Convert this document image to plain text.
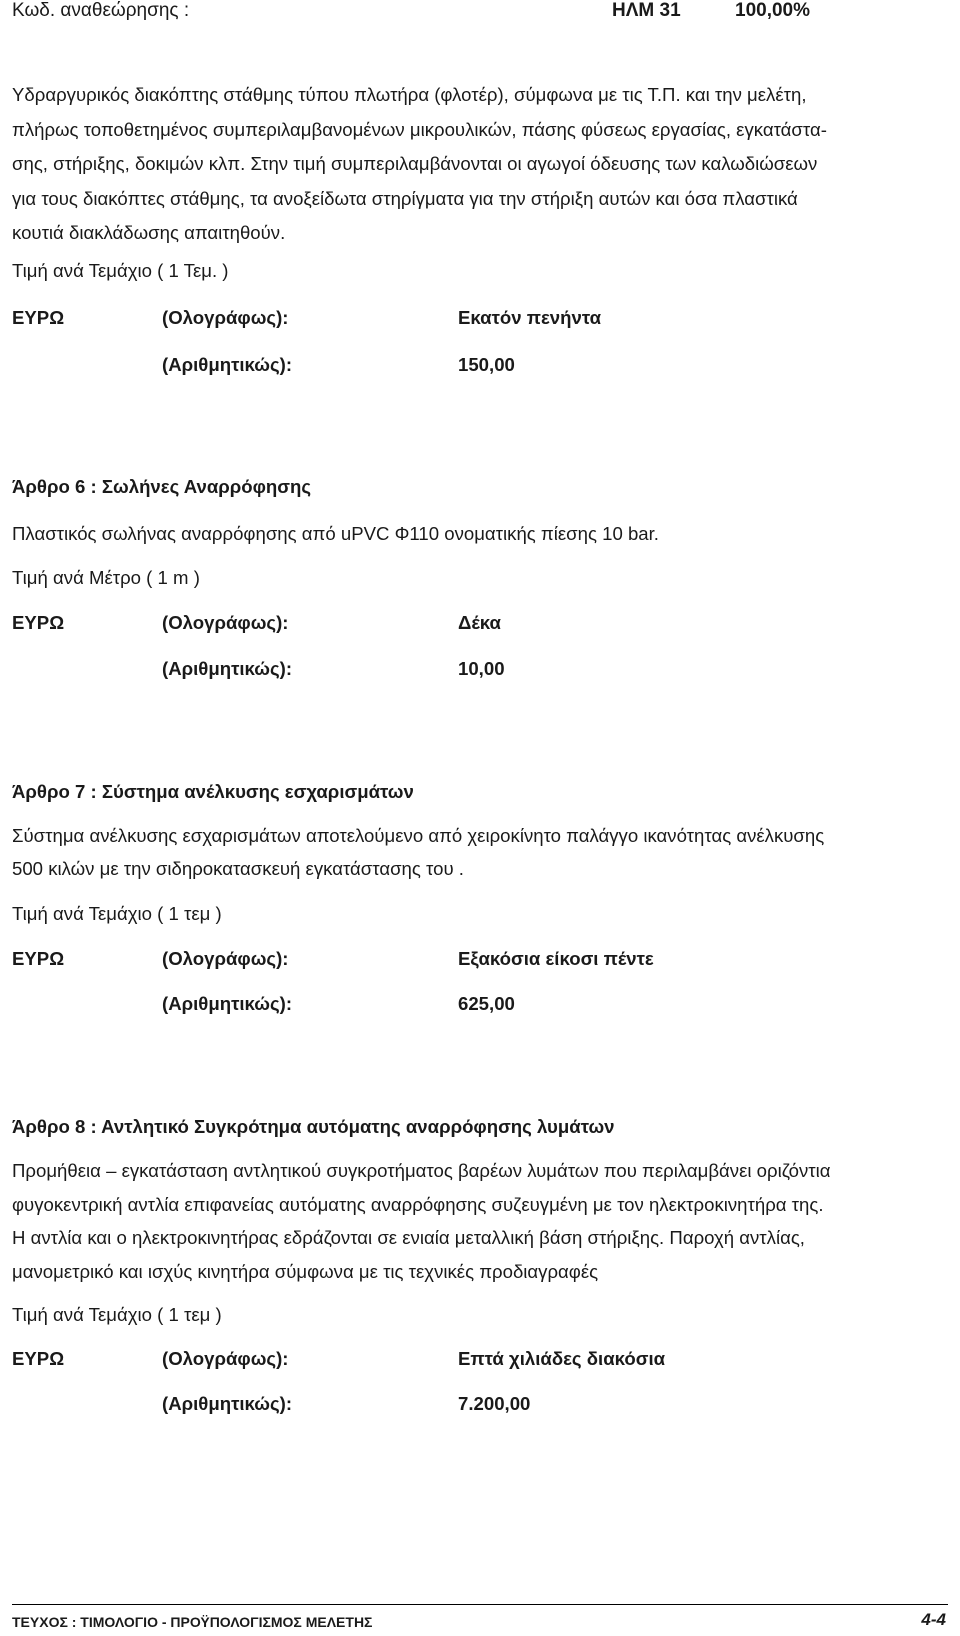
Κωδ. αναθεώρησης :	ΗΛΜ 31	100,00%
Υδραργυρικός διακόπτης στάθμης τύπου πλωτήρα (φλοτέρ), σύμφωνα με τις Τ.Π. και την μελέτη,
πλήρως τοποθετημένος συμπεριλαμβανομένων μικρουλικών, πάσης φύσεως εργασίας, εγκατάστα-
σης, στήριξης, δοκιμών κλπ. Στην τιμή συμπεριλαμβάνονται οι αγωγοί όδευσης των καλωδιώσεων
για τους διακόπτες στάθμης, τα ανοξείδωτα στηρίγματα για την στήριξη αυτών και όσα πλαστικά
κουτιά διακλάδωσης απαιτηθούν.
Τιμή ανά Τεμάχιο ( 1 Τεμ. )
ΕΥΡΩ	(Ολογράφως):	Εκατόν πενήντα
(Αριθμητικώς):	150,00
Άρθρο 6 : Σωλήνες Αναρρόφησης
Πλαστικός σωλήνας αναρρόφησης από uPVC Φ110 ονοματικής πίεσης 10 bar.
Τιμή ανά Μέτρο ( 1 m )
ΕΥΡΩ	(Ολογράφως):	Δέκα
(Αριθμητικώς):	10,00
Άρθρο 7 : Σύστημα ανέλκυσης εσχαρισμάτων
Σύστημα ανέλκυσης εσχαρισμάτων αποτελούμενο από χειροκίνητο παλάγγο ικανότητας ανέλκυσης
500 κιλών με την σιδηροκατασκευή εγκατάστασης του .
Τιμή ανά Τεμάχιο ( 1 τεμ )
ΕΥΡΩ	(Ολογράφως):	Εξακόσια είκοσι πέντε
(Αριθμητικώς):	625,00
Άρθρο 8 : Αντλητικό Συγκρότημα αυτόματης αναρρόφησης λυμάτων
Προμήθεια – εγκατάσταση αντλητικού συγκροτήματος βαρέων λυμάτων που περιλαμβάνει οριζόντια
φυγοκεντρική αντλία επιφανείας αυτόματης αναρρόφησης συζευγμένη με τον ηλεκτροκινητήρα της.
Η αντλία και ο ηλεκτροκινητήρας εδράζονται σε ενιαία μεταλλική βάση στήριξης. Παροχή αντλίας,
μανομετρικό και ισχύς κινητήρα σύμφωνα με τις τεχνικές προδιαγραφές
Τιμή ανά Τεμάχιο ( 1 τεμ )
ΕΥΡΩ	(Ολογράφως):	Επτά χιλιάδες διακόσια
(Αριθμητικώς):	7.200,00
ΤΕΥΧΟΣ : ΤΙΜΟΛΟΓΙΟ - ΠΡΟΫΠΟΛΟΓΙΣΜΟΣ ΜΕΛΕΤΗΣ	4-4
